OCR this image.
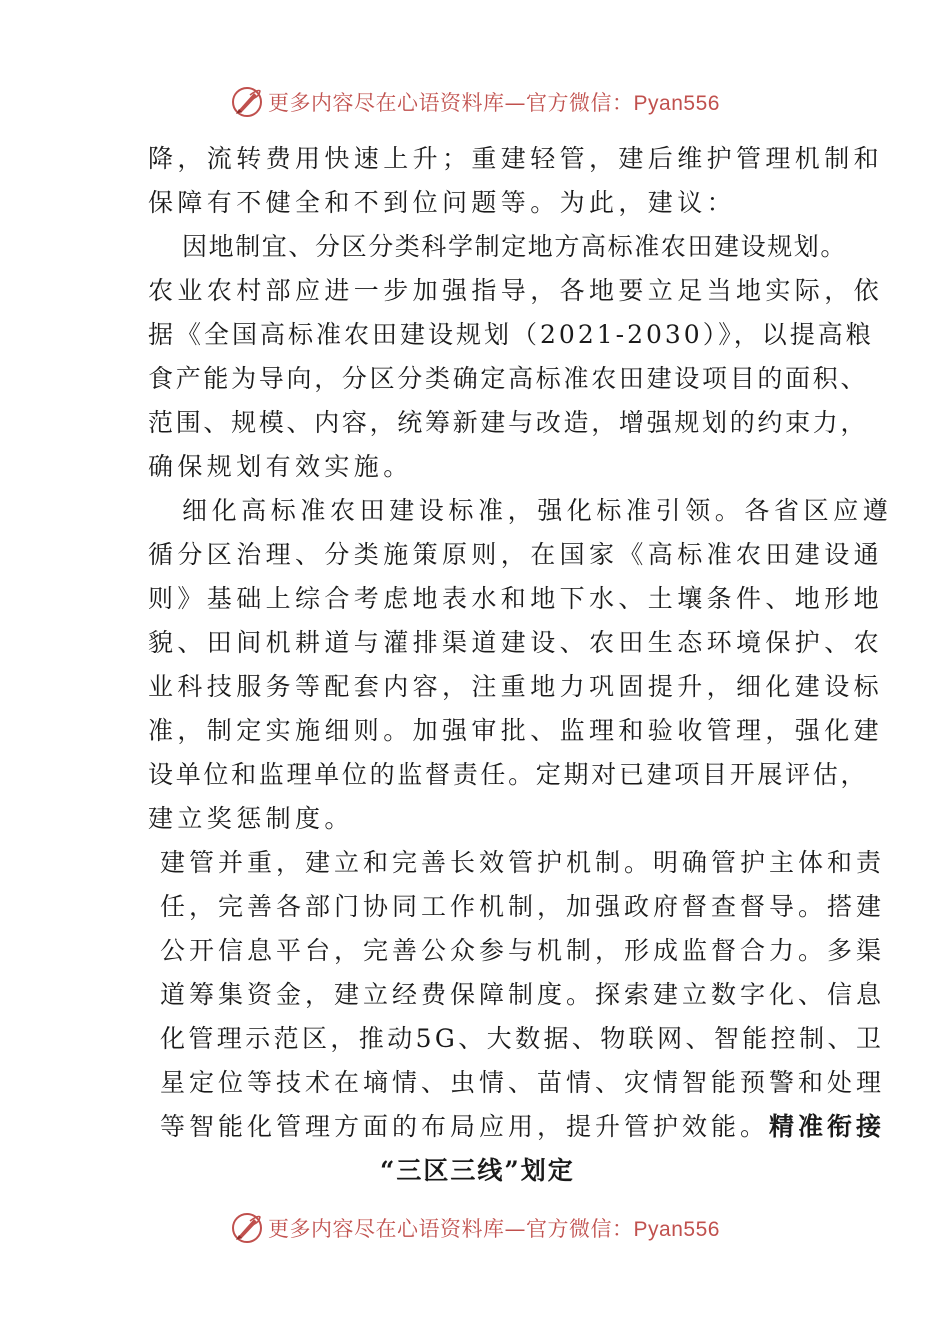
更多内容尽在心语资料库—官方微信：Pyan556
降，流转费用快速上升；重建轻管，建后维护管理机制和
保障有不健全和不到位问题等。为此，建议：
因地制宜、分区分类科学制定地方高标准农田建设规划。
农业农村部应进一步加强指导，各地要立足当地实际，依
据《全国高标准农田建设规划（2021-2030）》，以提高粮
食产能为导向，分区分类确定高标准农田建设项目的面积、
范围、规模、内容，统筹新建与改造，增强规划的约束力，
确保规划有效实施。
细化高标准农田建设标准，强化标准引领。各省区应遵
循分区治理、分类施策原则，在国家《高标准农田建设通
则》基础上综合考虑地表水和地下水、土壤条件、地形地
貌、田间机耕道与灌排渠道建设、农田生态环境保护、农
业科技服务等配套内容，注重地力巩固提升，细化建设标
准，制定实施细则。加强审批、监理和验收管理，强化建
设单位和监理单位的监督责任。定期对已建项目开展评估，
建立奖惩制度。
建管并重，建立和完善长效管护机制。明确管护主体和责
任，完善各部门协同工作机制，加强政府督查督导。搭建
公开信息平台，完善公众参与机制，形成监督合力。多渠
道筹集资金，建立经费保障制度。探索建立数字化、信息
化管理示范区，推动5G、大数据、物联网、智能控制、卫
星定位等技术在墒情、虫情、苗情、灾情智能预警和处理
等智能化管理方面的布局应用，提升管护效能。精准衔接
“三区三线”划定
更多内容尽在心语资料库—官方微信：Pyan556
